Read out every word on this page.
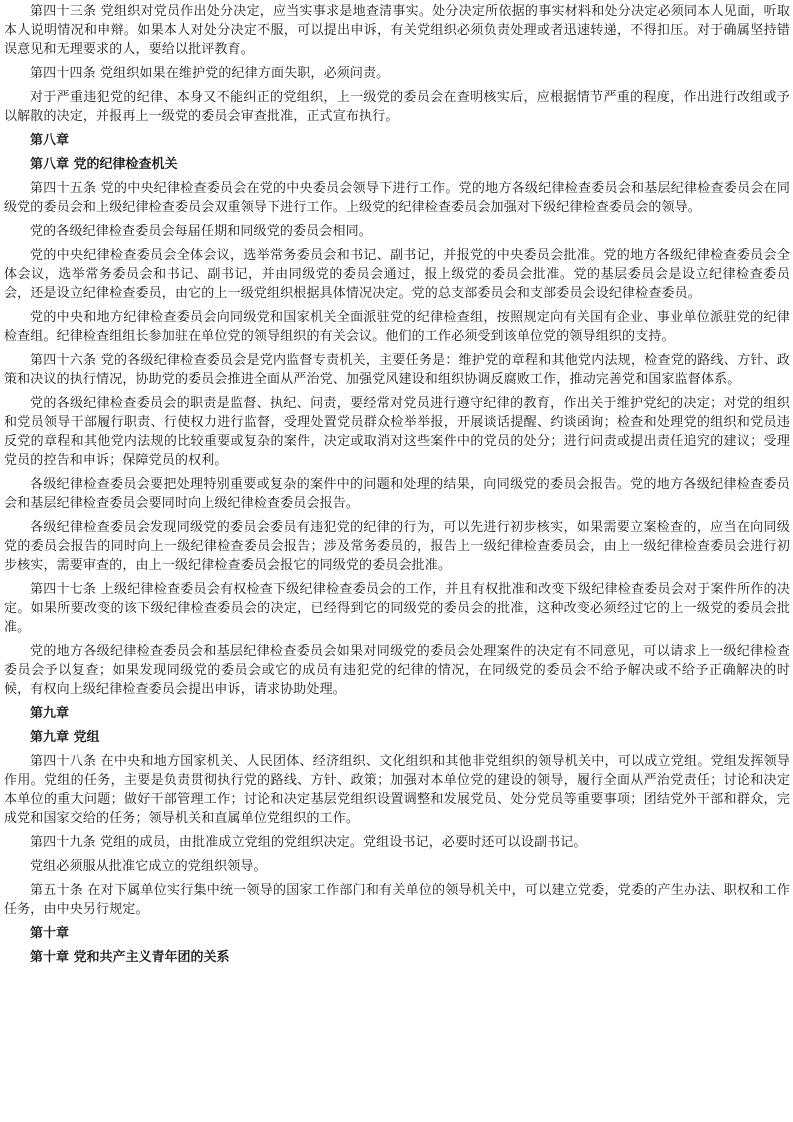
第四十三条 党组织对党员作出处分决定，应当实事求是地查清事实。处分决定所依据的事实材料和处分决定必须同本人见面，听取本人说明情况和申辩。如果本人对处分决定不服，可以提出申诉，有关党组织必须负责处理或者迅速转递，不得扣压。对于确属坚持错误意见和无理要求的人，要给以批评教育。

第四十四条 党组织如果在维护党的纪律方面失职，必须问责。

对于严重违犯党的纪律、本身又不能纠正的党组织，上一级党的委员会在查明核实后，应根据情节严重的程度，作出进行改组或予以解散的决定，并报再上一级党的委员会审查批准，正式宣布执行。

第八章

第八章 党的纪律检查机关

第四十五条 党的中央纪律检查委员会在党的中央委员会领导下进行工作。党的地方各级纪律检查委员会和基层纪律检查委员会在同级党的委员会和上级纪律检查委员会双重领导下进行工作。上级党的纪律检查委员会加强对下级纪律检查委员会的领导。

党的各级纪律检查委员会每届任期和同级党的委员会相同。

党的中央纪律检查委员会全体会议，选举常务委员会和书记、副书记，并报党的中央委员会批准。党的地方各级纪律检查委员会全体会议，选举常务委员会和书记、副书记，并由同级党的委员会通过，报上级党的委员会批准。党的基层委员会是设立纪律检查委员会，还是设立纪律检查委员，由它的上一级党组织根据具体情况决定。党的总支部委员会和支部委员会设纪律检查委员。

党的中央和地方纪律检查委员会向同级党和国家机关全面派驻党的纪律检查组，按照规定向有关国有企业、事业单位派驻党的纪律检查组。纪律检查组组长参加驻在单位党的领导组织的有关会议。他们的工作必须受到该单位党的领导组织的支持。

第四十六条 党的各级纪律检查委员会是党内监督专责机关，主要任务是：维护党的章程和其他党内法规，检查党的路线、方针、政策和决议的执行情况，协助党的委员会推进全面从严治党、加强党风建设和组织协调反腐败工作，推动完善党和国家监督体系。

党的各级纪律检查委员会的职责是监督、执纪、问责，要经常对党员进行遵守纪律的教育，作出关于维护党纪的决定；对党的组织和党员领导干部履行职责、行使权力进行监督，受理处置党员群众检举举报，开展谈话提醒、约谈函询；检查和处理党的组织和党员违反党的章程和其他党内法规的比较重要或复杂的案件，决定或取消对这些案件中的党员的处分；进行问责或提出责任追究的建议；受理党员的控告和申诉；保障党员的权利。

各级纪律检查委员会要把处理特别重要或复杂的案件中的问题和处理的结果，向同级党的委员会报告。党的地方各级纪律检查委员会和基层纪律检查委员会要同时向上级纪律检查委员会报告。

各级纪律检查委员会发现同级党的委员会委员有违犯党的纪律的行为，可以先进行初步核实，如果需要立案检查的，应当在向同级党的委员会报告的同时向上一级纪律检查委员会报告；涉及常务委员的，报告上一级纪律检查委员会，由上一级纪律检查委员会进行初步核实，需要审查的，由上一级纪律检查委员会报它的同级党的委员会批准。

第四十七条 上级纪律检查委员会有权检查下级纪律检查委员会的工作，并且有权批准和改变下级纪律检查委员会对于案件所作的决定。如果所要改变的该下级纪律检查委员会的决定，已经得到它的同级党的委员会的批准，这种改变必须经过它的上一级党的委员会批准。

党的地方各级纪律检查委员会和基层纪律检查委员会如果对同级党的委员会处理案件的决定有不同意见，可以请求上一级纪律检查委员会予以复查；如果发现同级党的委员会或它的成员有违犯党的纪律的情况，在同级党的委员会不给予解决或不给予正确解决的时候，有权向上级纪律检查委员会提出申诉，请求协助处理。

第九章

第九章 党组

第四十八条 在中央和地方国家机关、人民团体、经济组织、文化组织和其他非党组织的领导机关中，可以成立党组。党组发挥领导作用。党组的任务，主要是负责贯彻执行党的路线、方针、政策；加强对本单位党的建设的领导，履行全面从严治党责任；讨论和决定本单位的重大问题；做好干部管理工作；讨论和决定基层党组织设置调整和发展党员、处分党员等重要事项；团结党外干部和群众，完成党和国家交给的任务；领导机关和直属单位党组织的工作。

第四十九条 党组的成员，由批准成立党组的党组织决定。党组设书记，必要时还可以设副书记。

党组必须服从批准它成立的党组织领导。

第五十条 在对下属单位实行集中统一领导的国家工作部门和有关单位的领导机关中，可以建立党委，党委的产生办法、职权和工作任务，由中央另行规定。

第十章

第十章 党和共产主义青年团的关系
